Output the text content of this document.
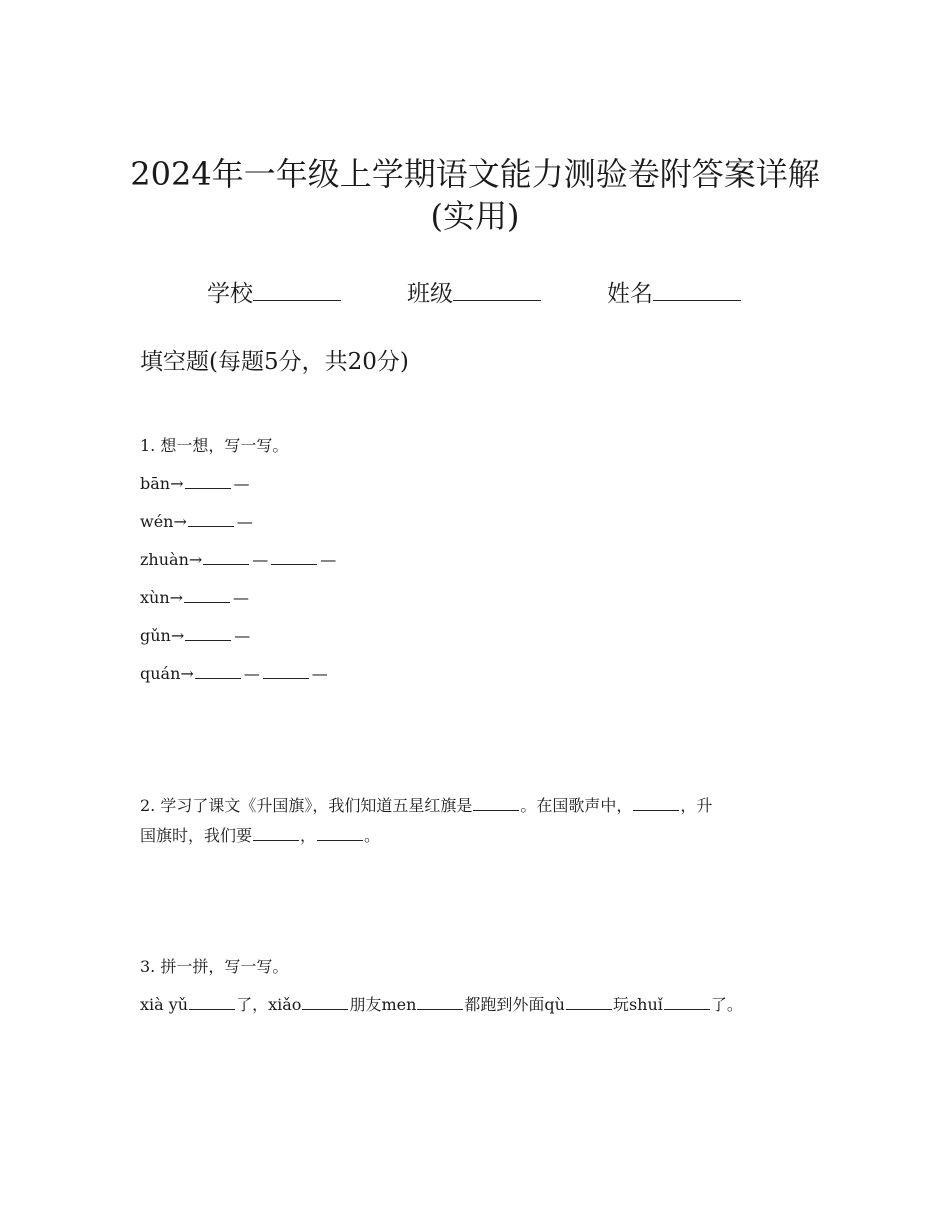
2024年一年级上学期语文能力测验卷附答案详解
(实用)
学校	班级	姓名
填空题(每题5分，共20分)
1. 想一想，写一写。
bān→	—
wén→	—
zhuàn→	—	—
xùn→	—
gǔn→	—
quán→	—	—
2. 学习了课文《升国旗》，我们知道五星红旗是	。在国歌声中，	，升
国旗时，我们要	，	。
3. 拼一拼，写一写。
xià yǔ	了，xiǎo	朋友men	都跑到外面qù	玩shuǐ	了。
